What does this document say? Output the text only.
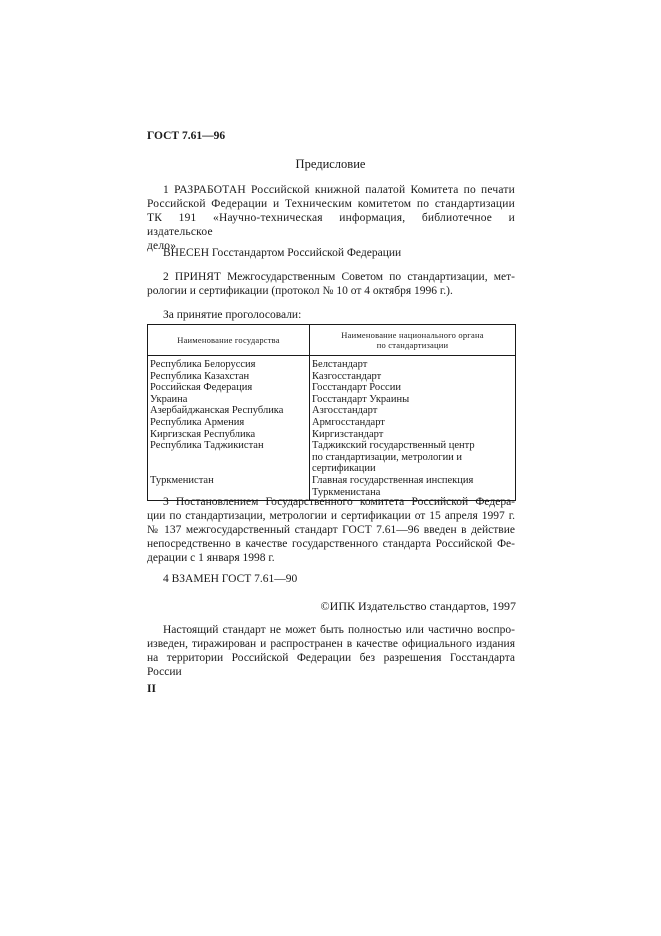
ГОСТ 7.61—96
Предисловие
1 РАЗРАБОТАН Российской книжной палатой Комитета по печати
Российской Федерации и Техническим комитетом по стандартизации
ТК 191 «Научно-техническая информация, библиотечное и издательское
дело»
ВНЕСЕН Госстандартом Российской Федерации
2 ПРИНЯТ Межгосударственным Советом по стандартизации, мет-
рологии и сертификации (протокол № 10 от 4 октября 1996 г.).
За принятие проголосовали:
Наименование государства	Наименование национального органа
по стандартизации

Республика Белоруссия	Белстандарт
Республика Казахстан	Казгосстандарт
Российская Федерация	Госстандарт России
Украина	Госстандарт Украины
Азербайджанская Республика	Азгосстандарт
Республика Армения	Армгосстандарт
Киргизская Республика	Киргизстандарт
Республика Таджикистан	Таджикский государственный центр
по стандартизации, метрологии и
сертификации

Туркменистан	Главная государственная инспекция
Туркменистана
3 Постановлением Государственного комитета Российской Федера-
ции по стандартизации, метрологии и сертификации от 15 апреля 1997 г.
№ 137 межгосударственный стандарт ГОСТ 7.61—96 введен в действие
непосредственно в качестве государственного стандарта Российской Фе-
дерации с 1 января 1998 г.
4 ВЗАМЕН ГОСТ 7.61—90
©ИПК Издательство стандартов, 1997
Настоящий стандарт не может быть полностью или частично воспро-
изведен, тиражирован и распространен в качестве официального издания
на территории Российской Федерации без разрешения Госстандарта
России
II
